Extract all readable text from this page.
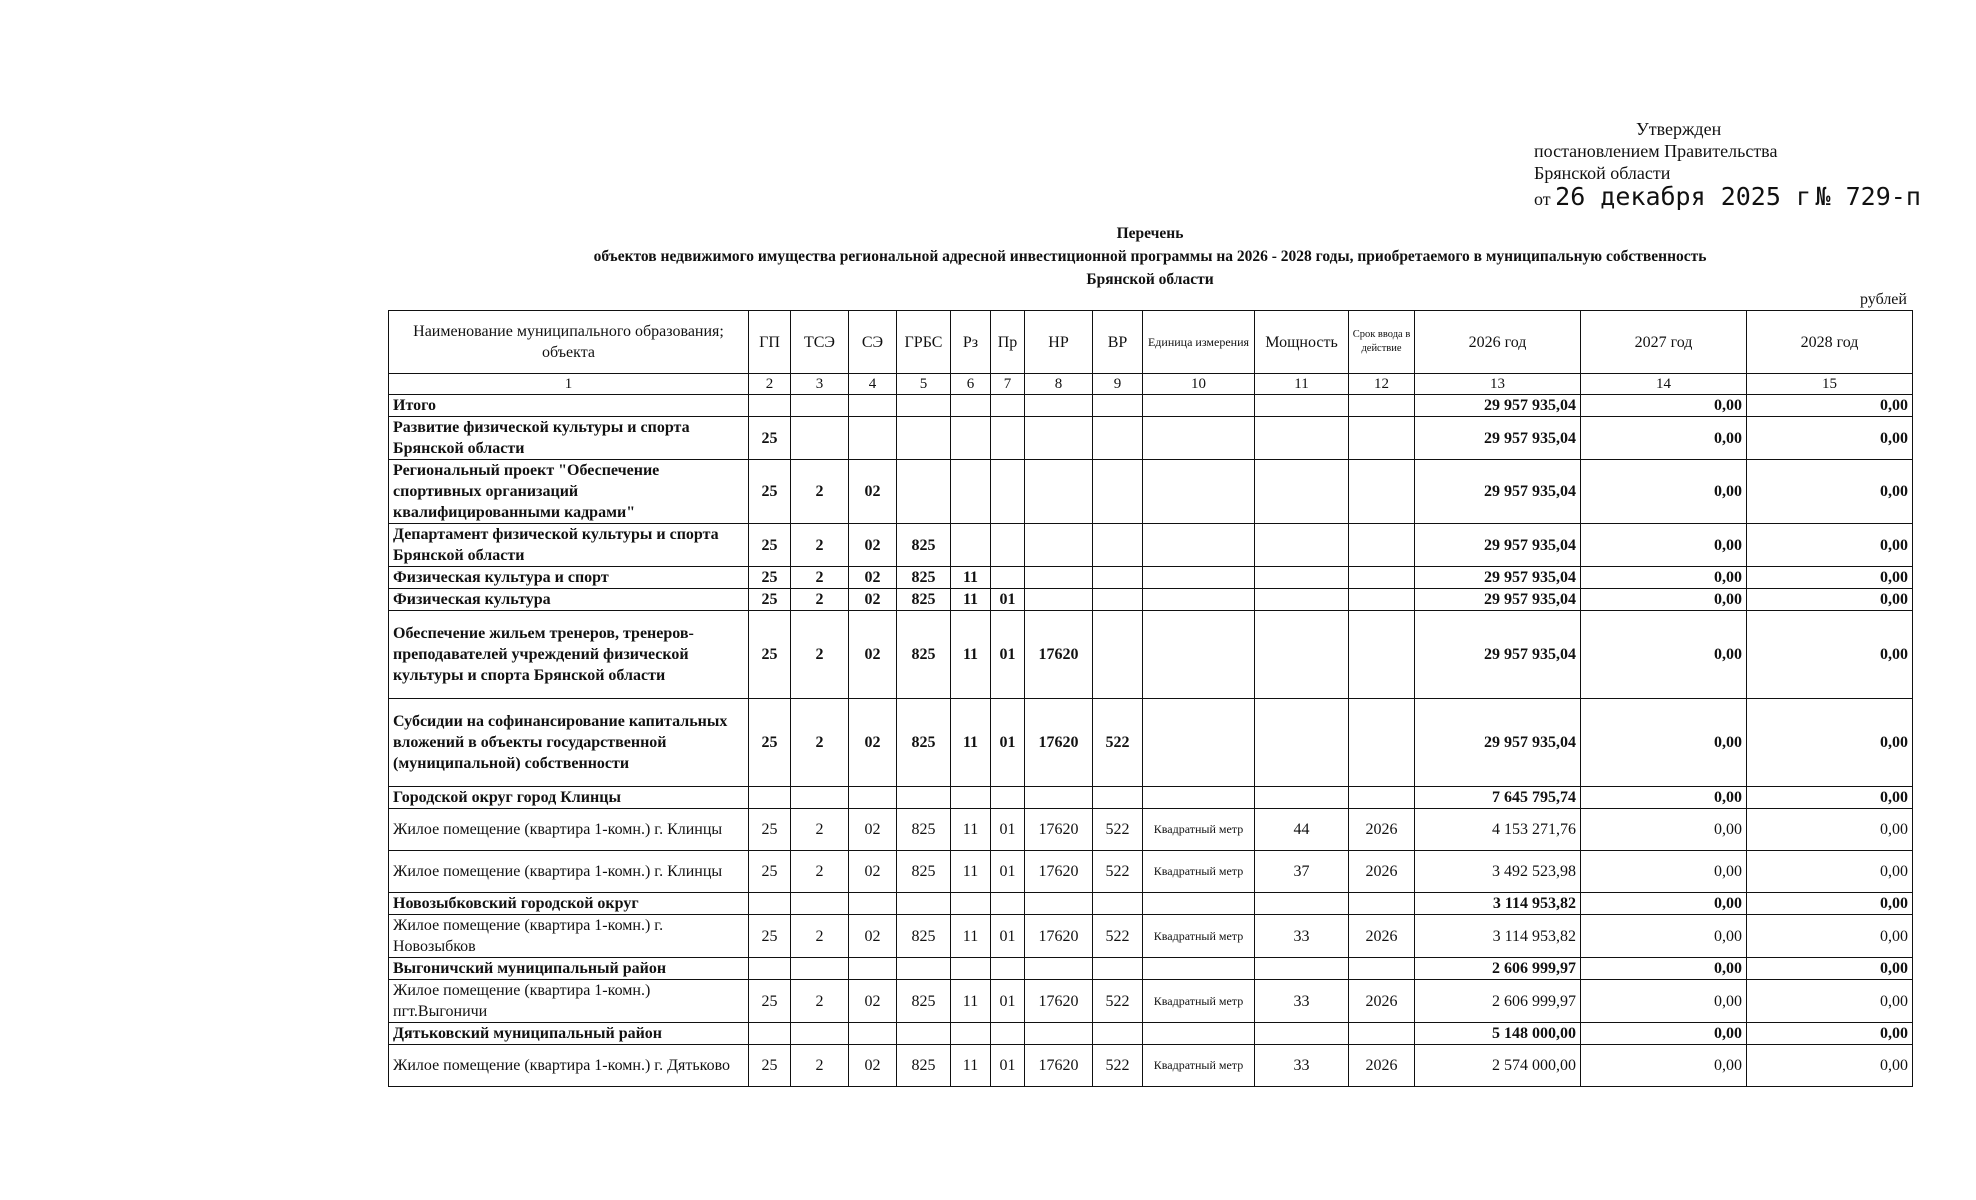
Утвержден
постановлением Правительства
Брянской области
от 26 декабря 2025 г № 729-п
Перечень
объектов недвижимого имущества региональной адресной инвестиционной программы на 2026 - 2028 годы, приобретаемого в муниципальную собственность
Брянской области
рублей
Наименование муниципального образования; объекта	ГП	ТСЭ	СЭ	ГРБС	Рз	Пр	НР	ВР	Единица измерения	Мощность	Срок ввода в действие	2026 год	2027 год	2028 год
1	2	3	4	5	6	7	8	9	10	11	12	13	14	15
Итого												29 957 935,04	0,00	0,00
Развитие физической культуры и спорта Брянской области	25											29 957 935,04	0,00	0,00
Региональный проект "Обеспечение спортивных организаций квалифицированными кадрами"	25	2	02									29 957 935,04	0,00	0,00
Департамент физической культуры и спорта Брянской области	25	2	02	825								29 957 935,04	0,00	0,00
Физическая культура и спорт	25	2	02	825	11							29 957 935,04	0,00	0,00
Физическая культура	25	2	02	825	11	01						29 957 935,04	0,00	0,00
Обеспечение жильем тренеров, тренеров-преподавателей учреждений физической культуры и спорта Брянской области	25	2	02	825	11	01	17620					29 957 935,04	0,00	0,00
Субсидии на софинансирование капитальных вложений в объекты государственной (муниципальной) собственности	25	2	02	825	11	01	17620	522				29 957 935,04	0,00	0,00
Городской округ город Клинцы												7 645 795,74	0,00	0,00
Жилое помещение (квартира 1-комн.) г. Клинцы	25	2	02	825	11	01	17620	522	Квадратный метр	44	2026	4 153 271,76	0,00	0,00
Жилое помещение (квартира 1-комн.) г. Клинцы	25	2	02	825	11	01	17620	522	Квадратный метр	37	2026	3 492 523,98	0,00	0,00
Новозыбковский городской округ												3 114 953,82	0,00	0,00
Жилое помещение (квартира 1-комн.) г. Новозыбков	25	2	02	825	11	01	17620	522	Квадратный метр	33	2026	3 114 953,82	0,00	0,00
Выгоничский муниципальный район												2 606 999,97	0,00	0,00
Жилое помещение (квартира 1-комн.) пгт.Выгоничи	25	2	02	825	11	01	17620	522	Квадратный метр	33	2026	2 606 999,97	0,00	0,00
Дятьковский муниципальный район												5 148 000,00	0,00	0,00
Жилое помещение (квартира 1-комн.) г. Дятьково	25	2	02	825	11	01	17620	522	Квадратный метр	33	2026	2 574 000,00	0,00	0,00
